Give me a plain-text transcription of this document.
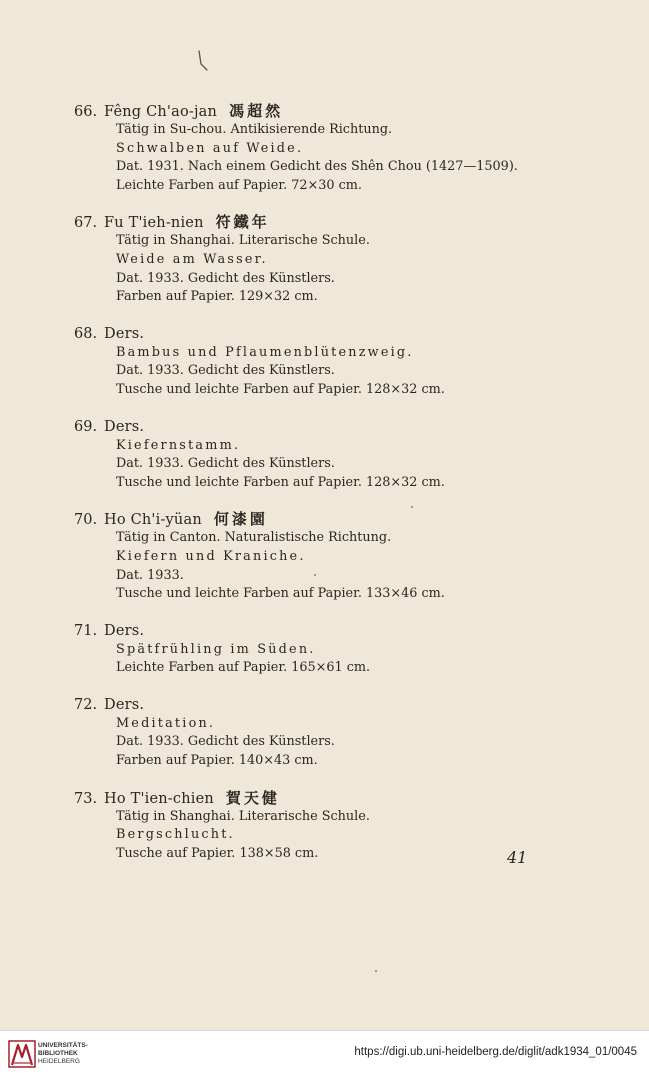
66. Fêng Ch'ao-jan 馮超然
Tätig in Su-chou. Antikisierende Richtung.
Schwalben auf Weide.
Dat. 1931. Nach einem Gedicht des Shên Chou (1427—1509).
Leichte Farben auf Papier. 72×30 cm.
67. Fu T'ieh-nien 符鐵年
Tätig in Shanghai. Literarische Schule.
Weide am Wasser.
Dat. 1933. Gedicht des Künstlers.
Farben auf Papier. 129×32 cm.
68. Ders.
Bambus und Pflaumenblütenzweig.
Dat. 1933. Gedicht des Künstlers.
Tusche und leichte Farben auf Papier. 128×32 cm.
69. Ders.
Kiefernstamm.
Dat. 1933. Gedicht des Künstlers.
Tusche und leichte Farben auf Papier. 128×32 cm.
70. Ho Ch'i-yüan 何漆園
Tätig in Canton. Naturalistische Richtung.
Kiefern und Kraniche.
Dat. 1933.
Tusche und leichte Farben auf Papier. 133×46 cm.
71. Ders.
Spätfrühling im Süden.
Leichte Farben auf Papier. 165×61 cm.
72. Ders.
Meditation.
Dat. 1933. Gedicht des Künstlers.
Farben auf Papier. 140×43 cm.
73. Ho T'ien-chien 賀天健
Tätig in Shanghai. Literarische Schule.
Bergschlucht.
Tusche auf Papier. 138×58 cm.	41
UNIVERSITÄTS-
BIBLIOTHEK
HEIDELBERG
https://digi.ub.uni-heidelberg.de/diglit/adk1934_01/0045
